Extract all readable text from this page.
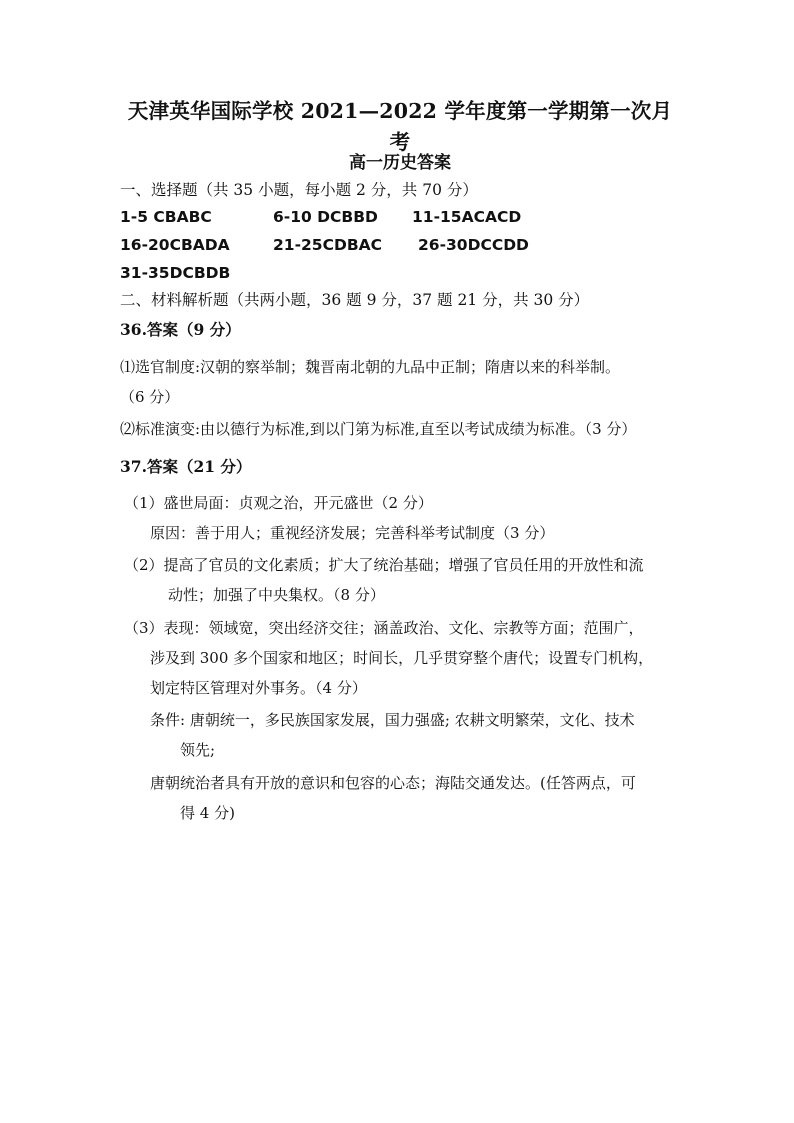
天津英华国际学校 2021—2022 学年度第一学期第一次月考
高一历史答案
一、选择题（共 35 小题，每小题 2 分，共 70 分）
1-5 CBABC	6-10 DCBBD 11-15ACACD
16-20CBADA	21-25CDBAC 26-30DCCDD
31-35DCBDB
二、材料解析题（共两小题，36 题 9 分，37 题 21 分，共 30 分）
36.答案（9 分）
⑴选官制度:汉朝的察举制；魏晋南北朝的九品中正制；隋唐以来的科举制。
（6 分）
⑵标准演变:由以德行为标准,到以门第为标准,直至以考试成绩为标准。（3 分）
37.答案（21 分）
（1）盛世局面：贞观之治，开元盛世（2 分）
原因：善于用人；重视经济发展；完善科举考试制度（3 分）
（2）提高了官员的文化素质；扩大了统治基础；增强了官员任用的开放性和流
动性；加强了中央集权。（8 分）
（3）表现：领域宽，突出经济交往；涵盖政治、文化、宗教等方面；范围广，
涉及到 300 多个国家和地区；时间长，几乎贯穿整个唐代；设置专门机构，
划定特区管理对外事务。（4 分）
条件: 唐朝统一，多民族国家发展，国力强盛; 农耕文明繁荣，文化、技术
领先;
唐朝统治者具有开放的意识和包容的心态；海陆交通发达。(任答两点，可
得 4 分)
